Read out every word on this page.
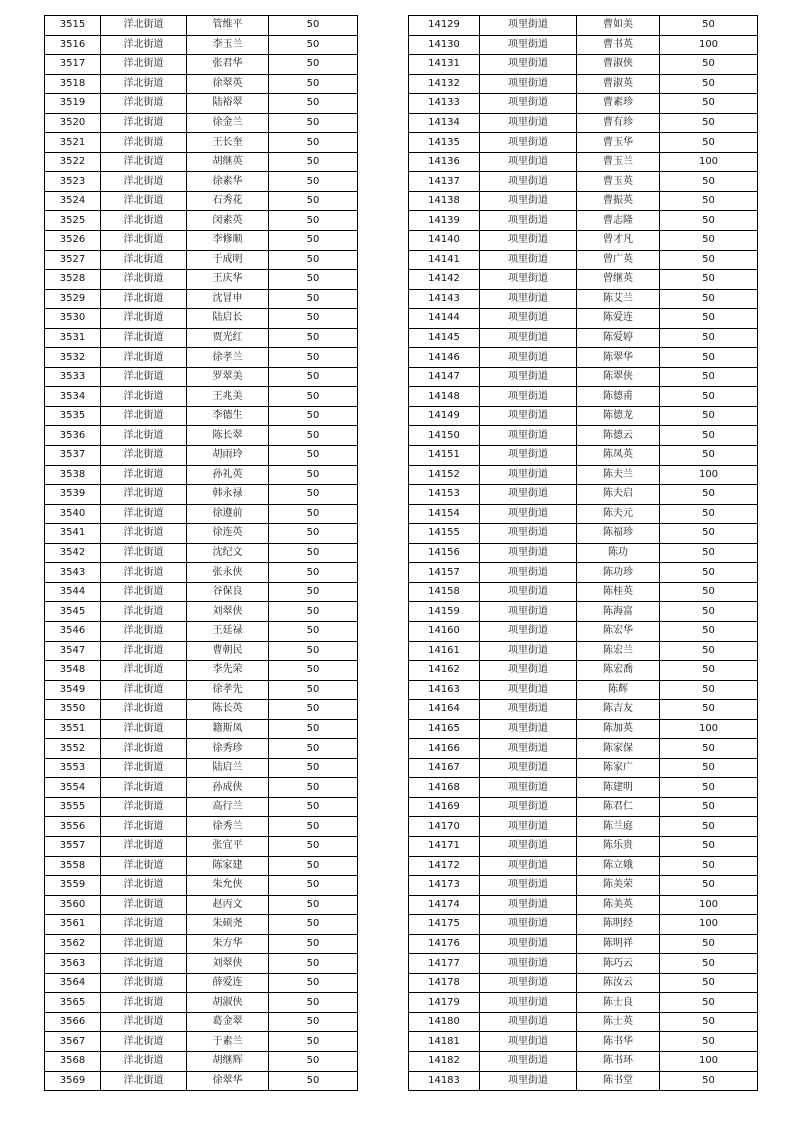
3515	洋北街道	管维平	50
3516	洋北街道	李玉兰	50
3517	洋北街道	张君华	50
3518	洋北街道	徐翠英	50
3519	洋北街道	陆裕翠	50
3520	洋北街道	徐金兰	50
3521	洋北街道	王长奎	50
3522	洋北街道	胡继英	50
3523	洋北街道	徐素华	50
3524	洋北街道	石秀花	50
3525	洋北街道	闵素英	50
3526	洋北街道	李修顺	50
3527	洋北街道	于成明	50
3528	洋北街道	王庆华	50
3529	洋北街道	沈冒申	50
3530	洋北街道	陆启长	50
3531	洋北街道	贾光红	50
3532	洋北街道	徐孝兰	50
3533	洋北街道	罗翠美	50
3534	洋北街道	王兆美	50
3535	洋北街道	李德生	50
3536	洋北街道	陈长翠	50
3537	洋北街道	胡雨玲	50
3538	洋北街道	孙礼英	50
3539	洋北街道	韩永禄	50
3540	洋北街道	徐遵前	50
3541	洋北街道	徐连英	50
3542	洋北街道	沈纪文	50
3543	洋北街道	张永侠	50
3544	洋北街道	谷保良	50
3545	洋北街道	刘翠侠	50
3546	洋北街道	王廷禄	50
3547	洋北街道	曹朝民	50
3548	洋北街道	李先荣	50
3549	洋北街道	徐孝先	50
3550	洋北街道	陈长英	50
3551	洋北街道	籍斯凤	50
3552	洋北街道	徐秀珍	50
3553	洋北街道	陆启兰	50
3554	洋北街道	孙成侠	50
3555	洋北街道	高行兰	50
3556	洋北街道	徐秀兰	50
3557	洋北街道	张宜平	50
3558	洋北街道	陈家建	50
3559	洋北街道	朱允侠	50
3560	洋北街道	赵丙文	50
3561	洋北街道	朱硕尧	50
3562	洋北街道	朱方华	50
3563	洋北街道	刘翠侠	50
3564	洋北街道	薛爱连	50
3565	洋北街道	胡淑侠	50
3566	洋北街道	葛金翠	50
3567	洋北街道	于素兰	50
3568	洋北街道	胡继辉	50
3569	洋北街道	徐翠华	50
14129	项里街道	曹如美	50
14130	项里街道	曹书英	100
14131	项里街道	曹淑侠	50
14132	项里街道	曹淑英	50
14133	项里街道	曹素珍	50
14134	项里街道	曹有珍	50
14135	项里街道	曹玉华	50
14136	项里街道	曹玉兰	100
14137	项里街道	曹玉英	50
14138	项里街道	曹振英	50
14139	项里街道	曹志隆	50
14140	项里街道	曾才凡	50
14141	项里街道	曾广英	50
14142	项里街道	曾继英	50
14143	项里街道	陈艾兰	50
14144	项里街道	陈爱连	50
14145	项里街道	陈爱婷	50
14146	项里街道	陈翠华	50
14147	项里街道	陈翠侠	50
14148	项里街道	陈德甫	50
14149	项里街道	陈德龙	50
14150	项里街道	陈德云	50
14151	项里街道	陈凤英	50
14152	项里街道	陈夫兰	100
14153	项里街道	陈夫启	50
14154	项里街道	陈夫元	50
14155	项里街道	陈福珍	50
14156	项里街道	陈功	50
14157	项里街道	陈功珍	50
14158	项里街道	陈桂英	50
14159	项里街道	陈海富	50
14160	项里街道	陈宏华	50
14161	项里街道	陈宏兰	50
14162	项里街道	陈宏喬	50
14163	项里街道	陈辉	50
14164	项里街道	陈吉友	50
14165	项里街道	陈加英	100
14166	项里街道	陈家保	50
14167	项里街道	陈家广	50
14168	项里街道	陈建明	50
14169	项里街道	陈君仁	50
14170	项里街道	陈兰庭	50
14171	项里街道	陈乐贵	50
14172	项里街道	陈立娥	50
14173	项里街道	陈美荣	50
14174	项里街道	陈美英	100
14175	项里街道	陈明经	100
14176	项里街道	陈明祥	50
14177	项里街道	陈巧云	50
14178	项里街道	陈汝云	50
14179	项里街道	陈士良	50
14180	项里街道	陈士英	50
14181	项里街道	陈书华	50
14182	项里街道	陈书环	100
14183	项里街道	陈书堂	50
